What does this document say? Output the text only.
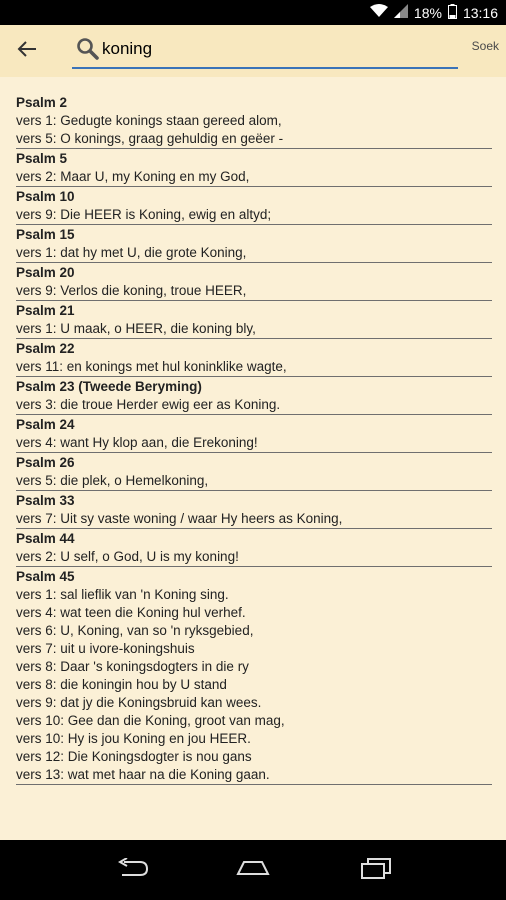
18% 13:16
koning
Soek
Psalm 2
vers 1: Gedugte konings staan gereed alom,
vers 5: O konings, graag gehuldig en geëer -
Psalm 5
vers 2: Maar U, my Koning en my God,
Psalm 10
vers 9: Die HEER is Koning, ewig en altyd;
Psalm 15
vers 1: dat hy met U, die grote Koning,
Psalm 20
vers 9: Verlos die koning, troue HEER,
Psalm 21
vers 1: U maak, o HEER, die koning bly,
Psalm 22
vers 11: en konings met hul koninklike wagte,
Psalm 23 (Tweede Beryming)
vers 3: die troue Herder ewig eer as Koning.
Psalm 24
vers 4: want Hy klop aan, die Erekoning!
Psalm 26
vers 5: die plek, o Hemelkoning,
Psalm 33
vers 7: Uit sy vaste woning / waar Hy heers as Koning,
Psalm 44
vers 2: U self, o God, U is my koning!
Psalm 45
vers 1: sal lieflik van 'n Koning sing.
vers 4: wat teen die Koning hul verhef.
vers 6: U, Koning, van so 'n ryksgebied,
vers 7: uit u ivore-koningshuis
vers 8: Daar 's koningsdogters in die ry
vers 8: die koningin hou by U stand
vers 9: dat jy die Koningsbruid kan wees.
vers 10: Gee dan die Koning, groot van mag,
vers 10: Hy is jou Koning en jou HEER.
vers 12: Die Koningsdogter is nou gans
vers 13: wat met haar na die Koning gaan.
